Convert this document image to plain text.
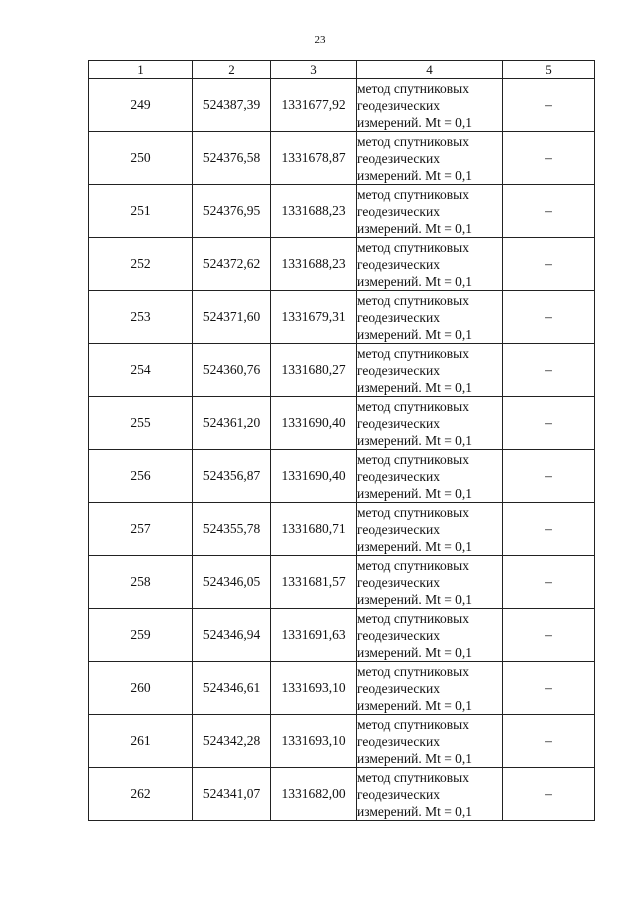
23
1	2	3	4	5
249	524387,39	1331677,92	метод спутниковых
геодезических
измерений. Mt = 0,1	–
250	524376,58	1331678,87	метод спутниковых
геодезических
измерений. Mt = 0,1	–
251	524376,95	1331688,23	метод спутниковых
геодезических
измерений. Mt = 0,1	–
252	524372,62	1331688,23	метод спутниковых
геодезических
измерений. Mt = 0,1	–
253	524371,60	1331679,31	метод спутниковых
геодезических
измерений. Mt = 0,1	–
254	524360,76	1331680,27	метод спутниковых
геодезических
измерений. Mt = 0,1	–
255	524361,20	1331690,40	метод спутниковых
геодезических
измерений. Mt = 0,1	–
256	524356,87	1331690,40	метод спутниковых
геодезических
измерений. Mt = 0,1	–
257	524355,78	1331680,71	метод спутниковых
геодезических
измерений. Mt = 0,1	–
258	524346,05	1331681,57	метод спутниковых
геодезических
измерений. Mt = 0,1	–
259	524346,94	1331691,63	метод спутниковых
геодезических
измерений. Mt = 0,1	–
260	524346,61	1331693,10	метод спутниковых
геодезических
измерений. Mt = 0,1	–
261	524342,28	1331693,10	метод спутниковых
геодезических
измерений. Mt = 0,1	–
262	524341,07	1331682,00	метод спутниковых
геодезических
измерений. Mt = 0,1	–
